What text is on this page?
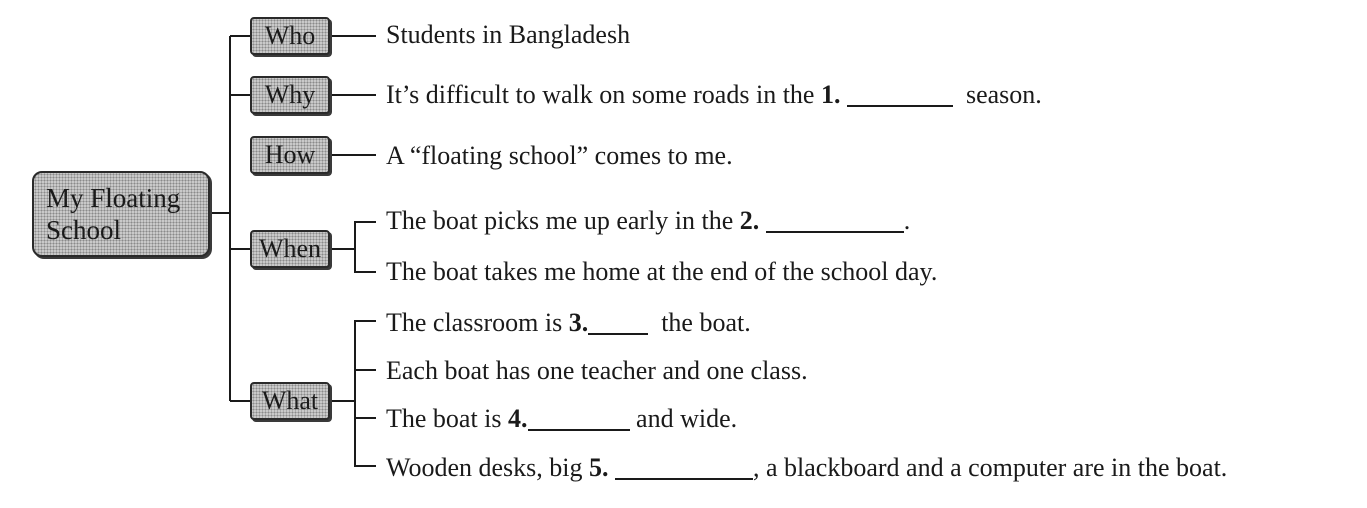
My Floating
School
Who
Why
How
When
What
Students in Bangladesh
It’s difficult to walk on some roads in the 1.	season.
A “floating school” comes to me.
The boat picks me up early in the 2.	.
The boat takes me home at the end of the school day.
The classroom is 3.	the boat.
Each boat has one teacher and one class.
The boat is 4.	and wide.
Wooden desks, big 5.	, a blackboard and a computer are in the boat.
